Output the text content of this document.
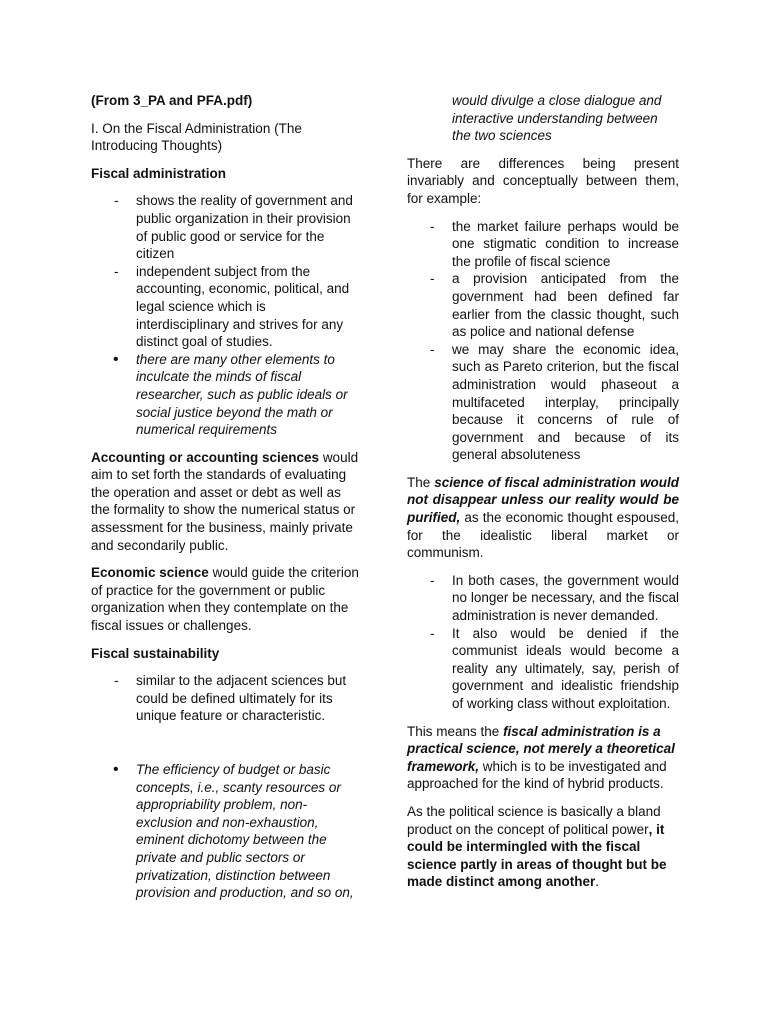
(From 3_PA and PFA.pdf)

I. On the Fiscal Administration (The Introducing Thoughts)

Fiscal administration

-	shows the reality of government and public organization in their provision of public good or service for the citizen
-	independent subject from the accounting, economic, political, and legal science which is interdisciplinary and strives for any distinct goal of studies.
•	there are many other elements to inculcate the minds of fiscal researcher, such as public ideals or social justice beyond the math or numerical requirements

Accounting or accounting sciences would aim to set forth the standards of evaluating the operation and asset or debt as well as the formality to show the numerical status or assessment for the business, mainly private and secondarily public.

Economic science would guide the criterion of practice for the government or public organization when they contemplate on the fiscal issues or challenges.

Fiscal sustainability

-	similar to the adjacent sciences but could be defined ultimately for its unique feature or characteristic.
•	The efficiency of budget or basic concepts, i.e., scanty resources or appropriability problem, non-exclusion and non-exhaustion, eminent dichotomy between the private and public sectors or privatization, distinction between provision and production, and so on,

would divulge a close dialogue and interactive understanding between the two sciences

There are differences being present invariably and conceptually between them, for example:

-	the market failure perhaps would be one stigmatic condition to increase the profile of fiscal science
-	a provision anticipated from the government had been defined far earlier from the classic thought, such as police and national defense
-	we may share the economic idea, such as Pareto criterion, but the fiscal administration would phaseout a multifaceted interplay, principally because it concerns of rule of government and because of its general absoluteness

The science of fiscal administration would not disappear unless our reality would be purified, as the economic thought espoused, for the idealistic liberal market or communism.

-	In both cases, the government would no longer be necessary, and the fiscal administration is never demanded.
-	It also would be denied if the communist ideals would become a reality any ultimately, say, perish of government and idealistic friendship of working class without exploitation.

This means the fiscal administration is a practical science, not merely a theoretical framework, which is to be investigated and approached for the kind of hybrid products.

As the political science is basically a bland product on the concept of political power, it could be intermingled with the fiscal science partly in areas of thought but be made distinct among another.
